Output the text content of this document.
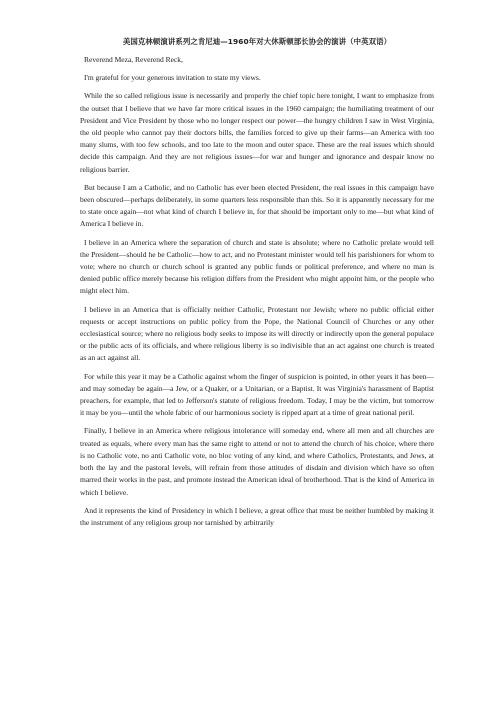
美国克林顿演讲系列之肯尼迪—1960年对大休斯顿部长协会的演讲（中英双语）

Reverend Meza, Reverend Reck,

I'm grateful for your generous invitation to state my views.

While the so called religious issue is necessarily and properly the chief topic here tonight, I want to emphasize from the outset that I believe that we have far more critical issues in the 1960 campaign; the humiliating treatment of our President and Vice President by those who no longer respect our power—the hungry children I saw in West Virginia, the old people who cannot pay their doctors bills, the families forced to give up their farms—an America with too many slums, with too few schools, and too late to the moon and outer space. These are the real issues which should decide this campaign. And they are not religious issues—for war and hunger and ignorance and despair know no religious barrier.

But because I am a Catholic, and no Catholic has ever been elected President, the real issues in this campaign have been obscured—perhaps deliberately, in some quarters less responsible than this. So it is apparently necessary for me to state once again—not what kind of church I believe in, for that should be important only to me—but what kind of America I believe in.

I believe in an America where the separation of church and state is absolute; where no Catholic prelate would tell the President—should he be Catholic—how to act, and no Protestant minister would tell his parishioners for whom to vote; where no church or church school is granted any public funds or political preference, and where no man is denied public office merely because his religion differs from the President who might appoint him, or the people who might elect him.

I believe in an America that is officially neither Catholic, Protestant nor Jewish; where no public official either requests or accept instructions on public policy from the Pope, the National Council of Churches or any other ecclesiastical source; where no religious body seeks to impose its will directly or indirectly upon the general populace or the public acts of its officials, and where religious liberty is so indivisible that an act against one church is treated as an act against all.

For while this year it may be a Catholic against whom the finger of suspicion is pointed, in other years it has been—and may someday be again—a Jew, or a Quaker, or a Unitarian, or a Baptist. It was Virginia's harassment of Baptist preachers, for example, that led to Jefferson's statute of religious freedom. Today, I may be the victim, but tomorrow it may be you—until the whole fabric of our harmonious society is ripped apart at a time of great national peril.

Finally, I believe in an America where religious intolerance will someday end, where all men and all churches are treated as equals, where every man has the same right to attend or not to attend the church of his choice, where there is no Catholic vote, no anti Catholic vote, no bloc voting of any kind, and where Catholics, Protestants, and Jews, at both the lay and the pastoral levels, will refrain from those attitudes of disdain and division which have so often marred their works in the past, and promote instead the American ideal of brotherhood. That is the kind of America in which I believe.

And it represents the kind of Presidency in which I believe, a great office that must be neither humbled by making it the instrument of any religious group nor tarnished by arbitrarily
